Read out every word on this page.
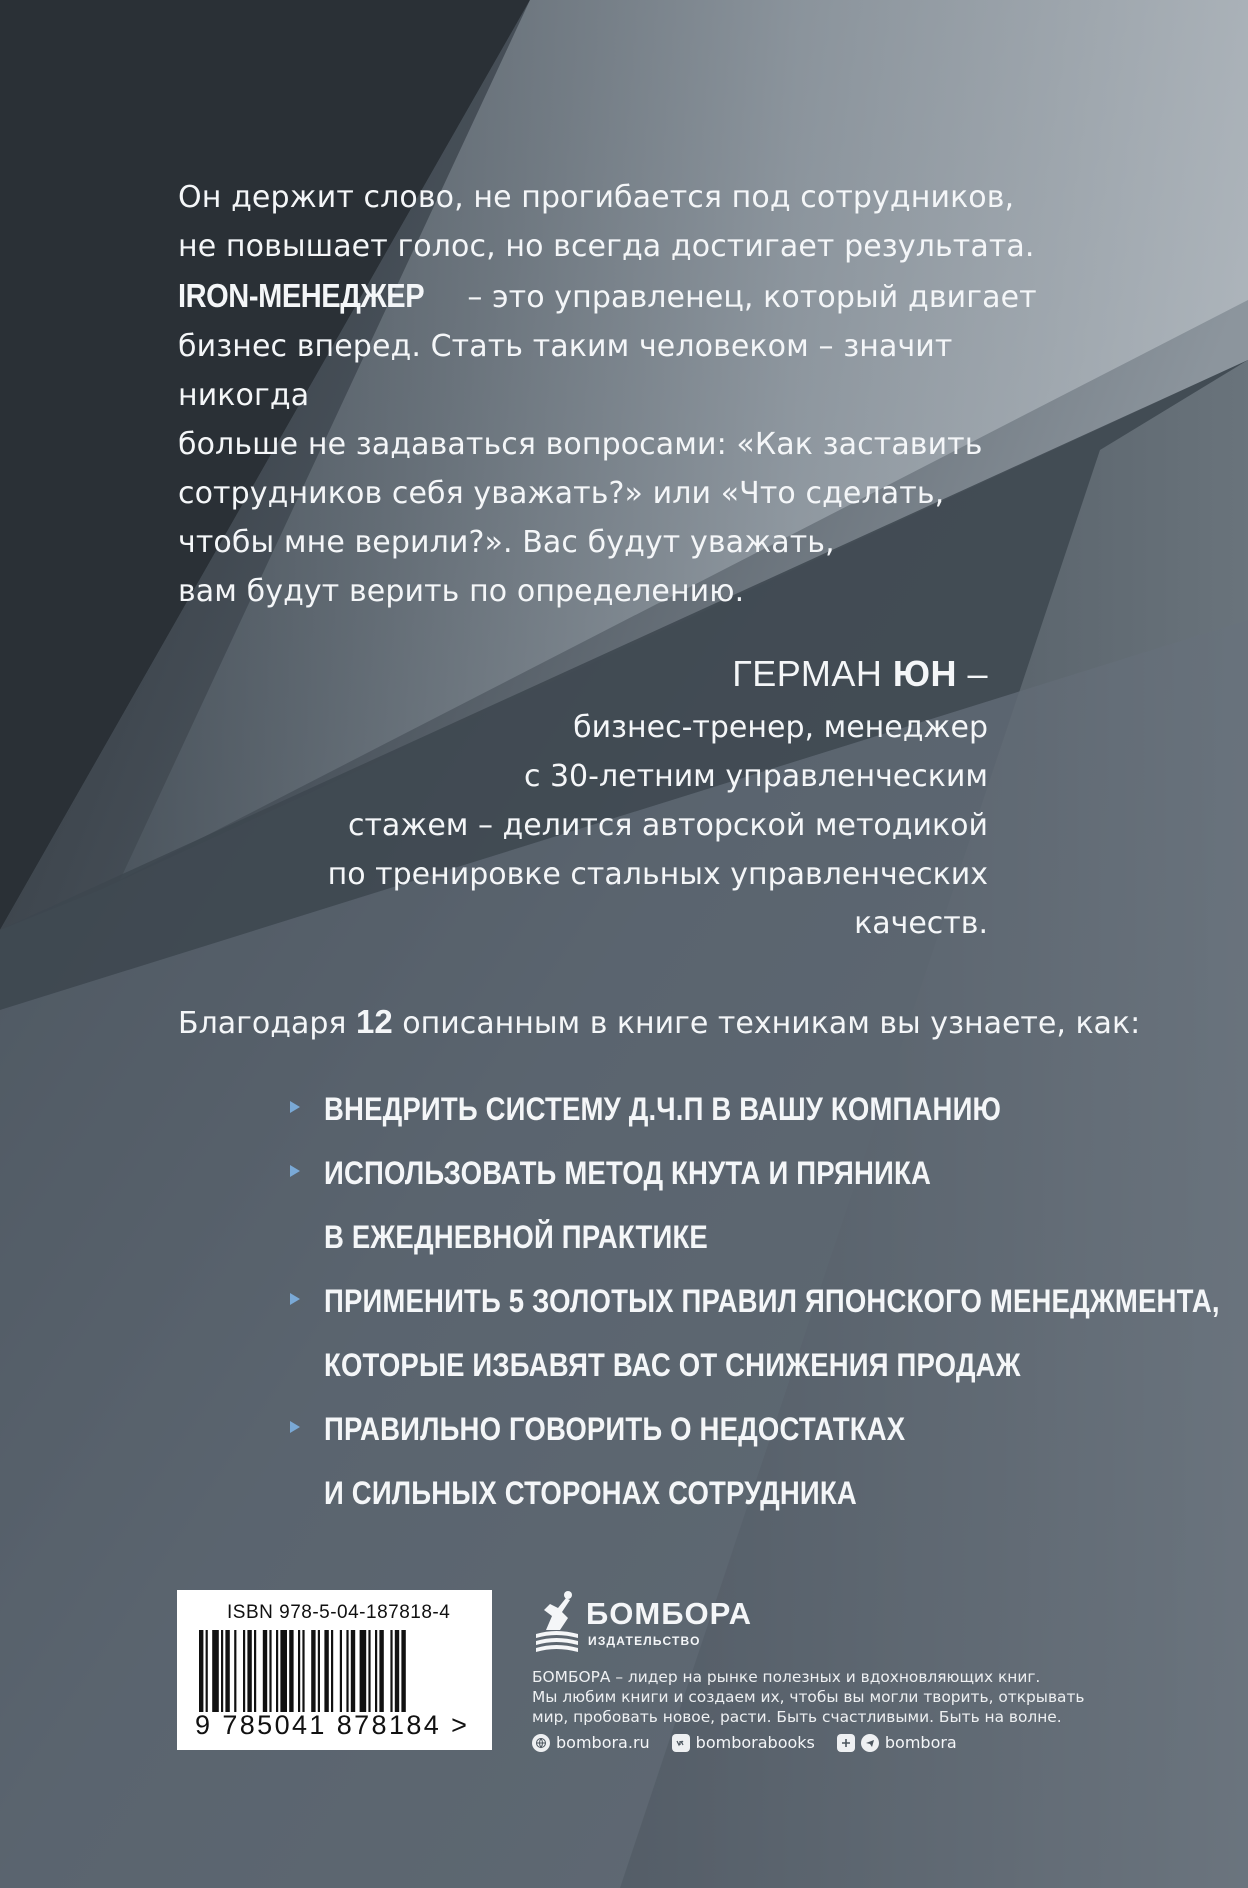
Он держит слово, не прогибается под сотрудников,

не повышает голос, но всегда достигает результата.

IRON-МЕНЕДЖЕР – это управленец, который двигает

бизнес вперед. Стать таким человеком – значит никогда

больше не задаваться вопросами: «Как заставить

сотрудников себя уважать?» или «Что сделать,

чтобы мне верили?». Вас будут уважать,

вам будут верить по определению.

ГЕРМАН ЮН –

бизнес-тренер, менеджер

с 30-летним управленческим

стажем – делится авторской методикой

по тренировке стальных управленческих качеств.

Благодаря 12 описанным в книге техникам вы узнаете, как:
ВНЕДРИТЬ СИСТЕМУ Д.Ч.П В ВАШУ КОМПАНИЮ
ИСПОЛЬЗОВАТЬ МЕТОД КНУТА И ПРЯНИКА
В ЕЖЕДНЕВНОЙ ПРАКТИКЕ
ПРИМЕНИТЬ 5 ЗОЛОТЫХ ПРАВИЛ ЯПОНСКОГО МЕНЕДЖМЕНТА,
КОТОРЫЕ ИЗБАВЯТ ВАС ОТ СНИЖЕНИЯ ПРОДАЖ
ПРАВИЛЬНО ГОВОРИТЬ О НЕДОСТАТКАХ
И СИЛЬНЫХ СТОРОНАХ СОТРУДНИКА
ISBN 978-5-04-187818-4
9 785041 878184 >
БОМБОРА
ИЗДАТЕЛЬСТВО

БОМБОРА – лидер на рынке полезных и вдохновляющих книг.

Мы любим книги и создаем их, чтобы вы могли творить, открывать

мир, пробовать новое, расти. Быть счастливыми. Быть на волне.

bombora.ru	bomborabooks	bombora
